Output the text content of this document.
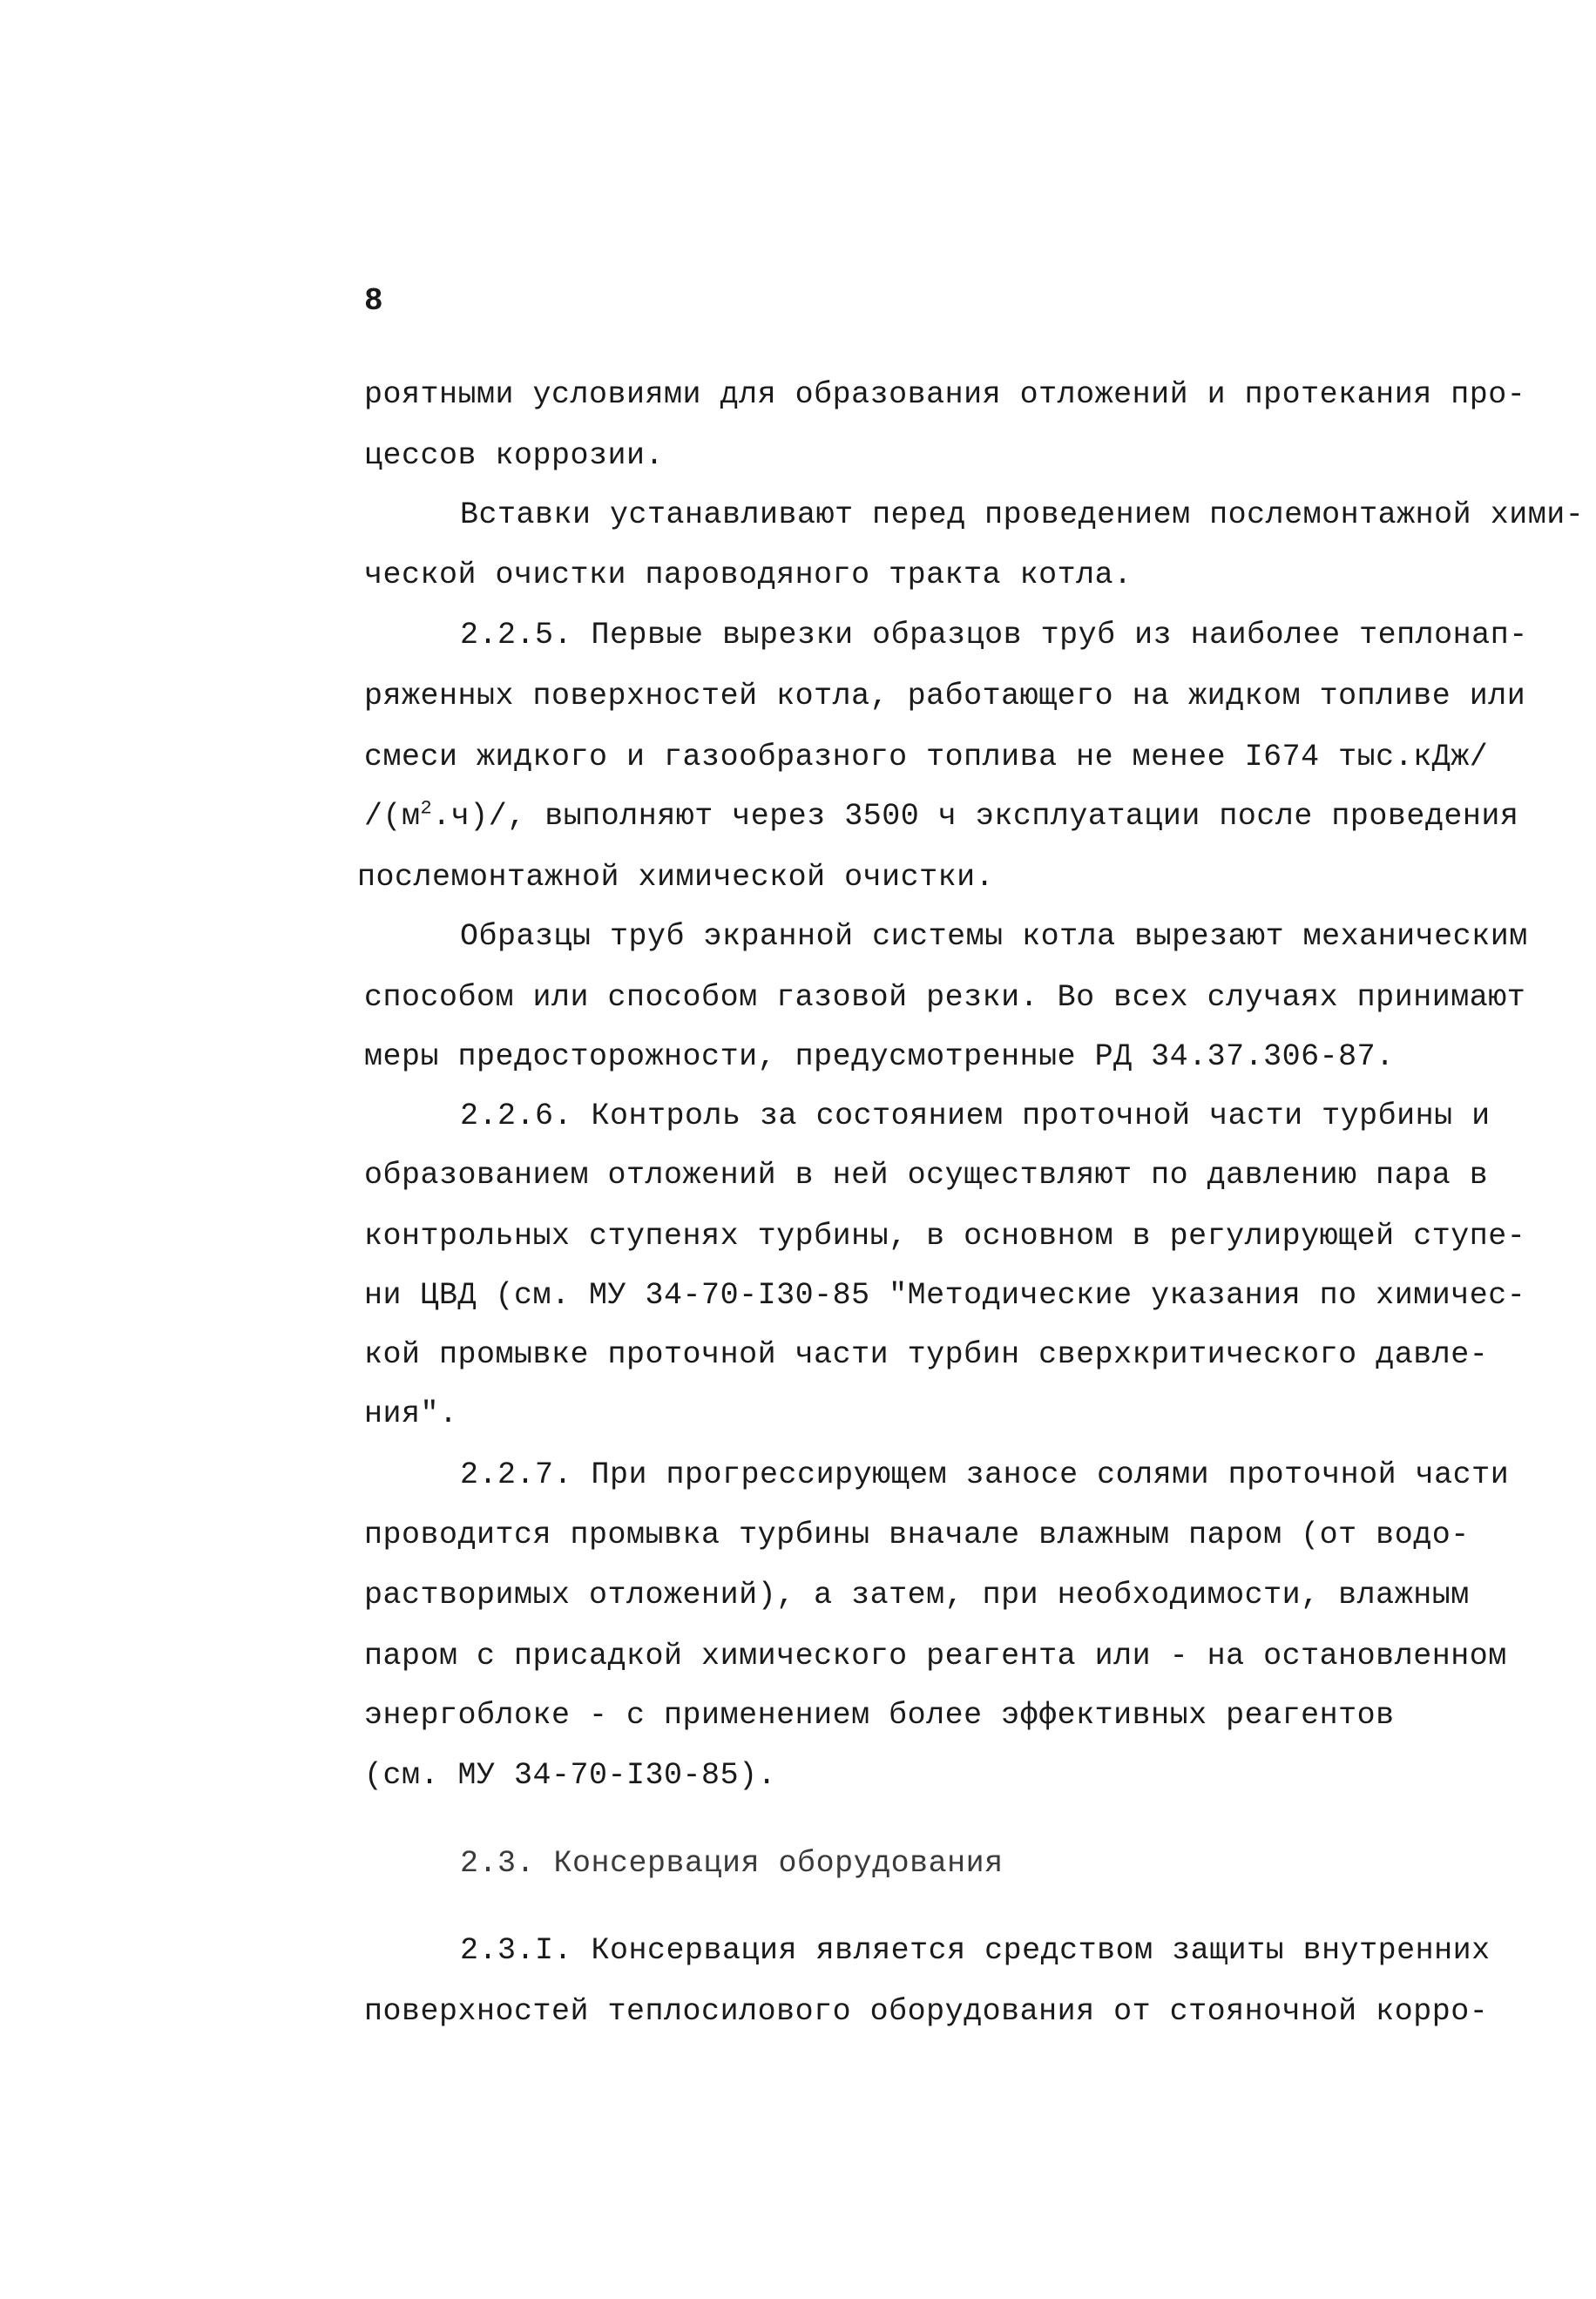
8
роятными условиями для образования отложений и протекания про-
цессов коррозии.
Вставки устанавливают перед проведением послемонтажной хими-
ческой очистки пароводяного тракта котла.
2.2.5. Первые вырезки образцов труб из наиболее теплонап-
ряженных поверхностей котла, работающего на жидком топливе или
смеси жидкого и газообразного топлива не менее I674 тыс.кДж/
$/(м^2.ч)/$, выполняют через 3500 ч эксплуатации после проведения
послемонтажной химической очистки.
Образцы труб экранной системы котла вырезают механическим
способом или способом газовой резки. Во всех случаях принимают
меры предосторожности, предусмотренные РД 34.37.306-87.
2.2.6. Контроль за состоянием проточной части турбины и
образованием отложений в ней осуществляют по давлению пара в
контрольных ступенях турбины, в основном в регулирующей ступе-
ни ЦВД (см. МУ 34-70-I30-85 "Методические указания по химичес-
кой промывке проточной части турбин сверхкритического давле-
ния".
2.2.7. При прогрессирующем заносе солями проточной части
проводится промывка турбины вначале влажным паром (от водо-
растворимых отложений), а затем, при необходимости, влажным
паром с присадкой химического реагента или - на остановленном
энергоблоке - с применением более эффективных реагентов
(см. МУ 34-70-I30-85).
2.3. Консервация оборудования
2.3.I. Консервация является средством защиты внутренних
поверхностей теплосилового оборудования от стояночной корро-
